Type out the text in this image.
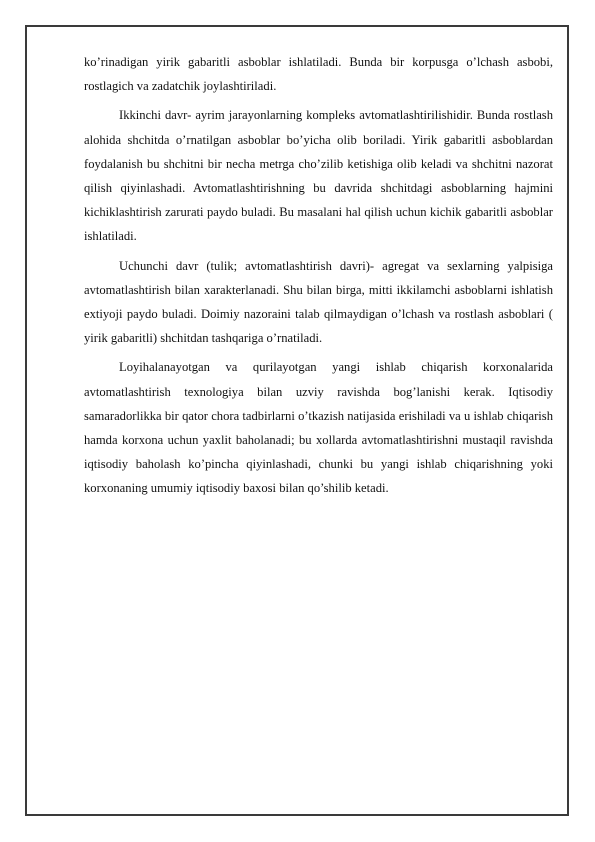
ko’rinadigan yirik gabaritli asboblar ishlatiladi. Bunda bir korpusga o’lchash asbobi, rostlagich va zadatchik joylashtiriladi.

Ikkinchi davr- ayrim jarayonlarning kompleks avtomatlashtirilishidir. Bunda rostlash alohida shchitda o’rnatilgan asboblar bo’yicha olib boriladi. Yirik gabaritli asboblardan foydalanish bu shchitni bir necha metrga cho’zilib ketishiga olib keladi va shchitni nazorat qilish qiyinlashadi. Avtomatlashtirishning bu davrida shchitdagi asboblarning hajmini kichiklashtirish zarurati paydo buladi. Bu masalani hal qilish uchun kichik gabaritli asboblar ishlatiladi.

Uchunchi davr (tulik; avtomatlashtirish davri)- agregat va sexlarning yalpisiga avtomatlashtirish bilan xarakterlanadi. Shu bilan birga, mitti ikkilamchi asboblarni ishlatish extiyoji paydo buladi. Doimiy nazoraini talab qilmaydigan o’lchash va rostlash asboblari ( yirik gabaritli) shchitdan tashqariga o’rnatiladi.

Loyihalanayotgan va qurilayotgan yangi ishlab chiqarish korxonalarida avtomatlashtirish texnologiya bilan uzviy ravishda bog’lanishi kerak. Iqtisodiy samaradorlikka bir qator chora tadbirlarni o’tkazish natijasida erishiladi va u ishlab chiqarish hamda korxona uchun yaxlit baholanadi; bu xollarda avtomatlashtirishni mustaqil ravishda iqtisodiy baholash ko’pincha qiyinlashadi, chunki bu yangi ishlab chiqarishning yoki korxonaning umumiy iqtisodiy baxosi bilan qo’shilib ketadi.
